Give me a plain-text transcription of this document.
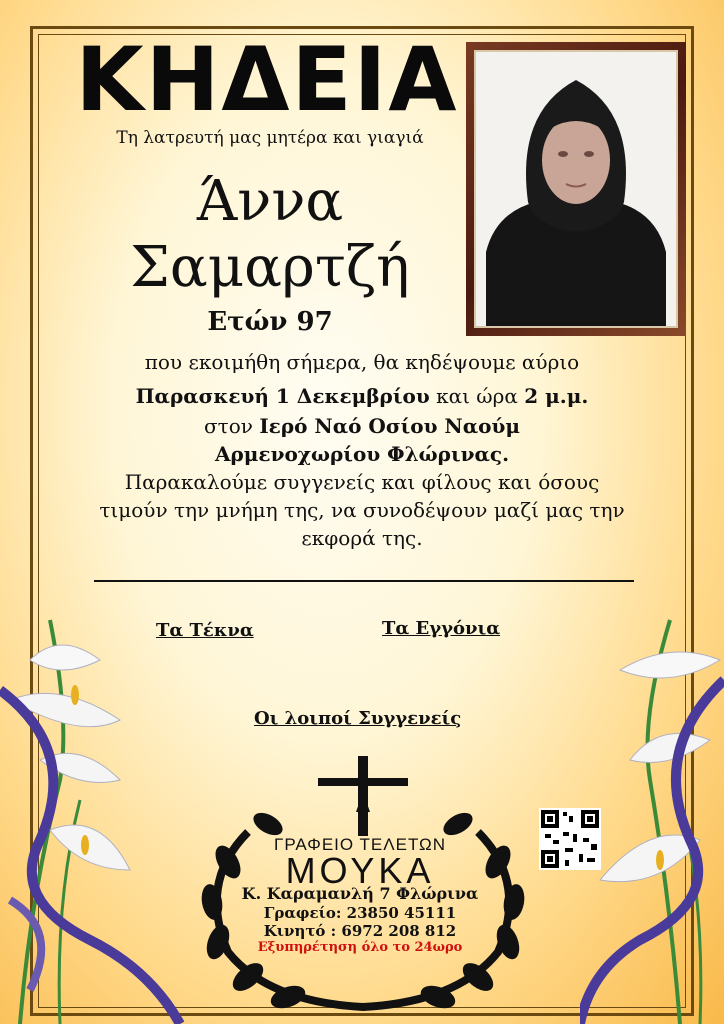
ΚΗΔΕΙΑ
Τη λατρευτή μας μητέρα και γιαγιά
Άννα
Σαμαρτζή
Ετών 97
που εκοιμήθη σήμερα, θα κηδέψουμε αύριο
Παρασκευή 1 Δεκεμβρίου και ώρα 2 μ.μ.
στον Ιερό Ναό Οσίου Ναούμ
Αρμενοχωρίου Φλώρινας.
Παρακαλούμε συγγενείς και φίλους και όσους
τιμούν την μνήμη της, να συνοδέψουν μαζί μας την
εκφορά της.
Τα Τέκνα	Τα Εγγόνια
Οι λοιποί Συγγενείς
ΓΡΑΦΕΙΟ ΤΕΛΕΤΩΝ
ΜΟΥΚΑ
Κ. Καραμανλή 7 Φλώρινα
Γραφείο: 23850 45111
Κινητό : 6972 208 812
Εξυπηρέτηση όλο το 24ωρο
